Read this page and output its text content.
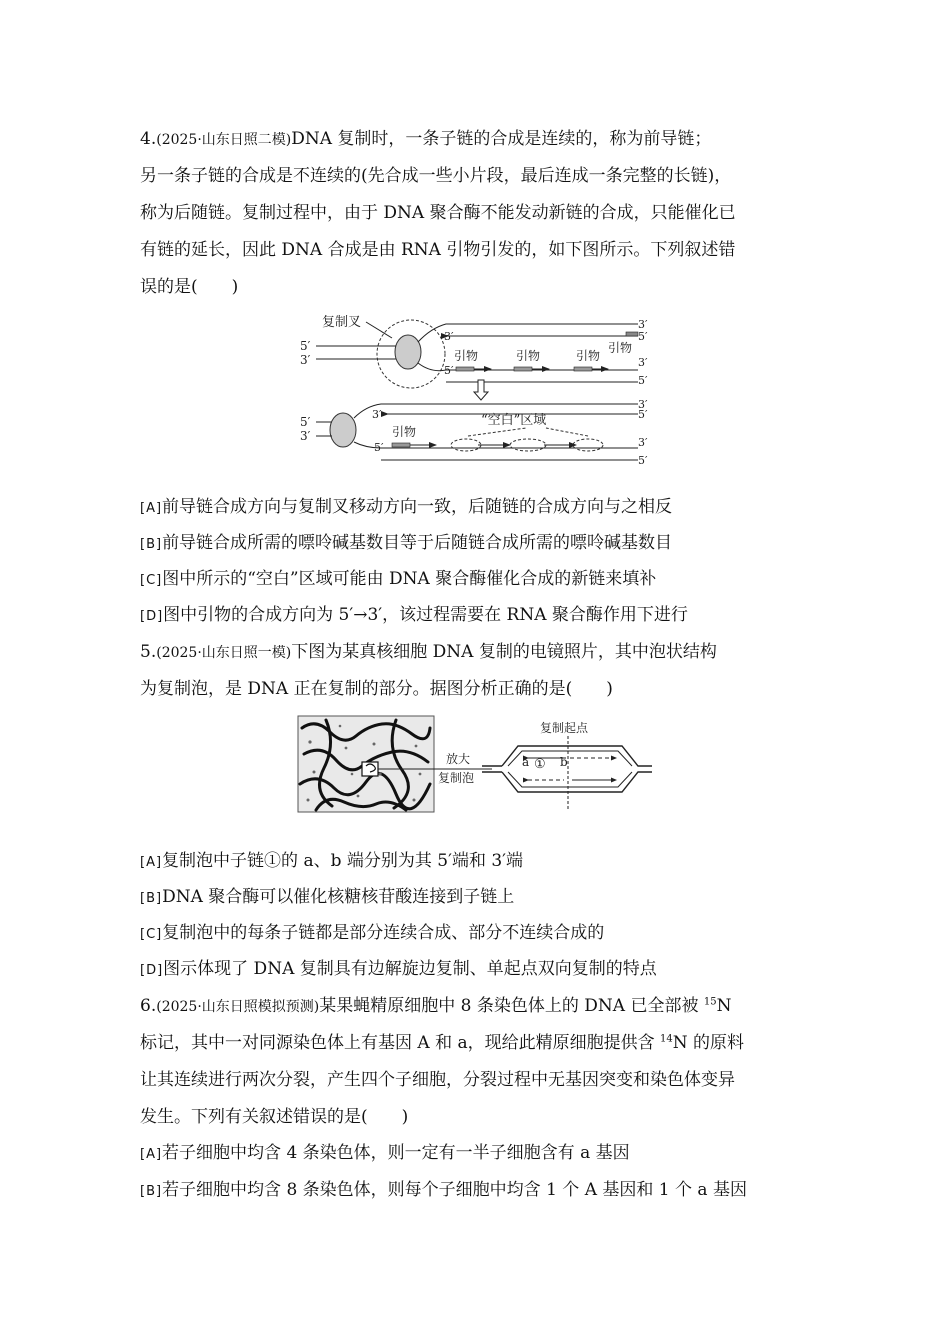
4.(2025·山东日照二模)DNA 复制时，一条子链的合成是连续的，称为前导链；
另一条子链的合成是不连续的(先合成一些小片段，最后连成一条完整的长链)，
称为后随链。复制过程中，由于 DNA 聚合酶不能发动新链的合成，只能催化已
有链的延长，因此 DNA 合成是由 RNA 引物引发的，如下图所示。下列叙述错
误的是(　　)
复制叉
5′
3′
3′
5′
3′
5′
3′
5′
引物
引物	引物	引物
5′
3′
3′
5′
3′
5′
3′
5′
引物
“空白”区域
[A]前导链合成方向与复制叉移动方向一致，后随链的合成方向与之相反
[B]前导链合成所需的嘌呤碱基数目等于后随链合成所需的嘌呤碱基数目
[C]图中所示的“空白”区域可能由 DNA 聚合酶催化合成的新链来填补
[D]图中引物的合成方向为 5′→3′，该过程需要在 RNA 聚合酶作用下进行
5.(2025·山东日照一模)下图为某真核细胞 DNA 复制的电镜照片，其中泡状结构
为复制泡，是 DNA 正在复制的部分。据图分析正确的是(　　)
放大
复制泡
复制起点
a	b
①
[A]复制泡中子链①的 a、b 端分别为其 5′端和 3′端
[B]DNA 聚合酶可以催化核糖核苷酸连接到子链上
[C]复制泡中的每条子链都是部分连续合成、部分不连续合成的
[D]图示体现了 DNA 复制具有边解旋边复制、单起点双向复制的特点
6.(2025·山东日照模拟预测)某果蝇精原细胞中 8 条染色体上的 DNA 已全部被 $^{15}$N
标记，其中一对同源染色体上有基因 A 和 a，现给此精原细胞提供含 $^{14}$N 的原料
让其连续进行两次分裂，产生四个子细胞，分裂过程中无基因突变和染色体变异
发生。下列有关叙述错误的是(　　)
[A]若子细胞中均含 4 条染色体，则一定有一半子细胞含有 a 基因
[B]若子细胞中均含 8 条染色体，则每个子细胞中均含 1 个 A 基因和 1 个 a 基因
